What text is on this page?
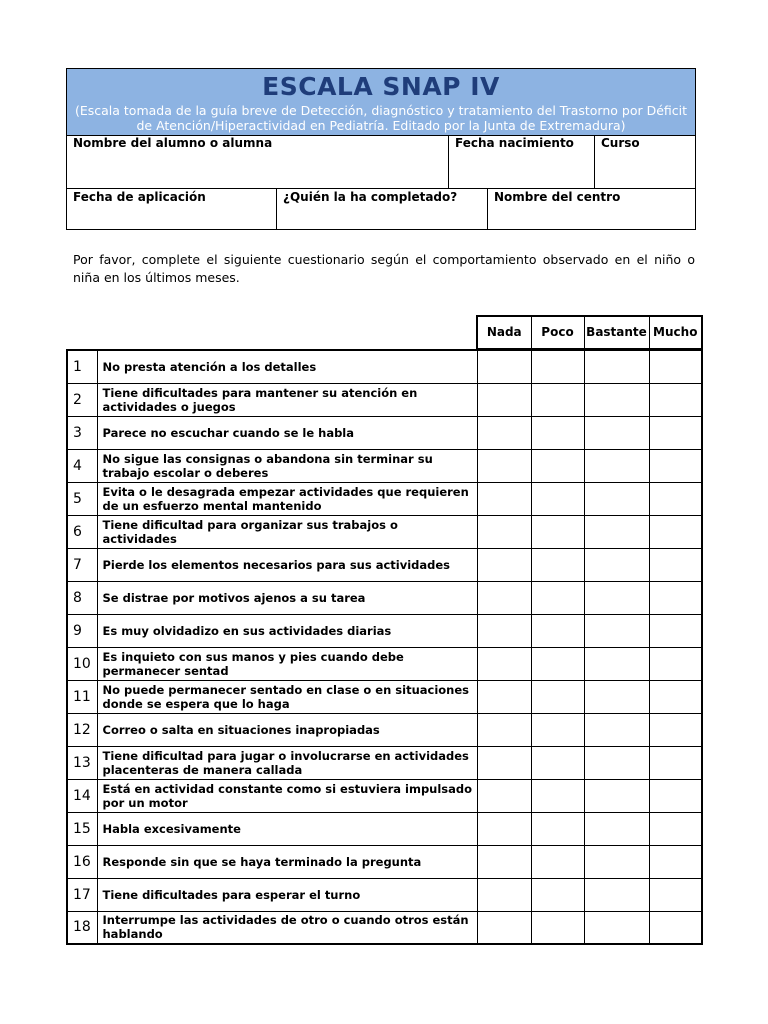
ESCALA SNAP IV
(Escala tomada de la guía breve de Detección, diagnóstico y tratamiento del Trastorno por Déficit de Atención/Hiperactividad en Pediatría. Editado por la Junta de Extremadura)
Nombre del alumno o alumna	Fecha nacimiento	Curso
Fecha de aplicación	¿Quién la ha completado?	Nombre del centro
Por favor, complete el siguiente cuestionario según el comportamiento observado en el niño o niña en los últimos meses.
		Nada	Poco	Bastante	Mucho

1	No presta atención a los detalles				
2	Tiene dificultades para mantener su atención en actividades o juegos				
3	Parece no escuchar cuando se le habla				
4	No sigue las consignas o abandona sin terminar su trabajo escolar o deberes				
5	Evita o le desagrada empezar actividades que requieren de un esfuerzo mental mantenido				
6	Tiene dificultad para organizar sus trabajos o actividades				
7	Pierde los elementos necesarios para sus actividades				
8	Se distrae por motivos ajenos a su tarea				
9	Es muy olvidadizo en sus actividades diarias				
10	Es inquieto con sus manos y pies cuando debe permanecer sentad				
11	No puede permanecer sentado en clase o en situaciones donde se espera que lo haga				
12	Correo o salta en situaciones inapropiadas				
13	Tiene dificultad para jugar o involucrarse en actividades placenteras de manera callada				
14	Está en actividad constante como si estuviera impulsado por un motor				
15	Habla excesivamente				
16	Responde sin que se haya terminado la pregunta				
17	Tiene dificultades para esperar el turno				
18	Interrumpe las actividades de otro o cuando otros están hablando				
